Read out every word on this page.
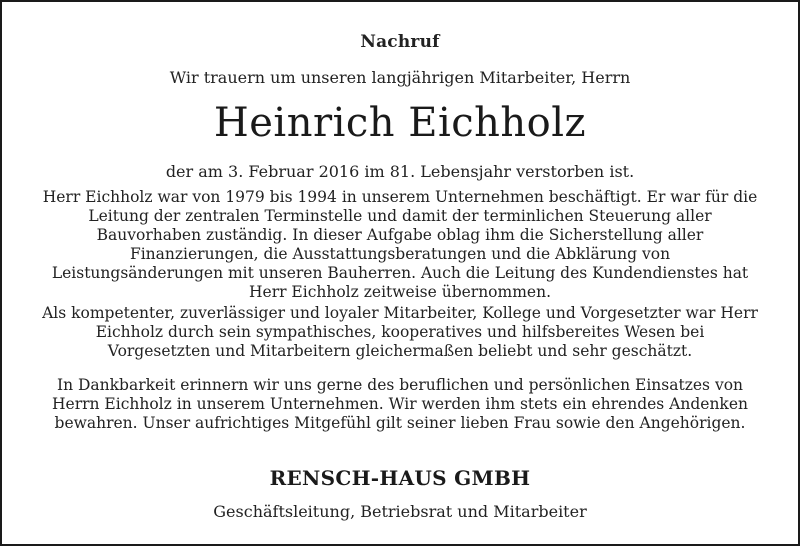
Nachruf
Wir trauern um unseren langjährigen Mitarbeiter, Herrn
Heinrich Eichholz
der am 3. Februar 2016 im 81. Lebensjahr verstorben ist.
Herr Eichholz war von 1979 bis 1994 in unserem Unternehmen beschäftigt. Er war für die Leitung der zentralen Terminstelle und damit der terminlichen Steuerung aller Bauvorhaben zuständig. In dieser Aufgabe oblag ihm die Sicherstellung aller Finanzierungen, die Ausstattungsberatungen und die Abklärung von Leistungsänderungen mit unseren Bauherren. Auch die Leitung des Kundendienstes hat Herr Eichholz zeitweise übernommen.
Als kompetenter, zuverlässiger und loyaler Mitarbeiter, Kollege und Vorgesetzter war Herr Eichholz durch sein sympathisches, kooperatives und hilfsbereites Wesen bei Vorgesetzten und Mitarbeitern gleichermaßen beliebt und sehr geschätzt.
In Dankbarkeit erinnern wir uns gerne des beruflichen und persönlichen Einsatzes von Herrn Eichholz in unserem Unternehmen. Wir werden ihm stets ein ehrendes Andenken bewahren. Unser aufrichtiges Mitgefühl gilt seiner lieben Frau sowie den Angehörigen.
RENSCH-HAUS GMBH
Geschäftsleitung, Betriebsrat und Mitarbeiter
